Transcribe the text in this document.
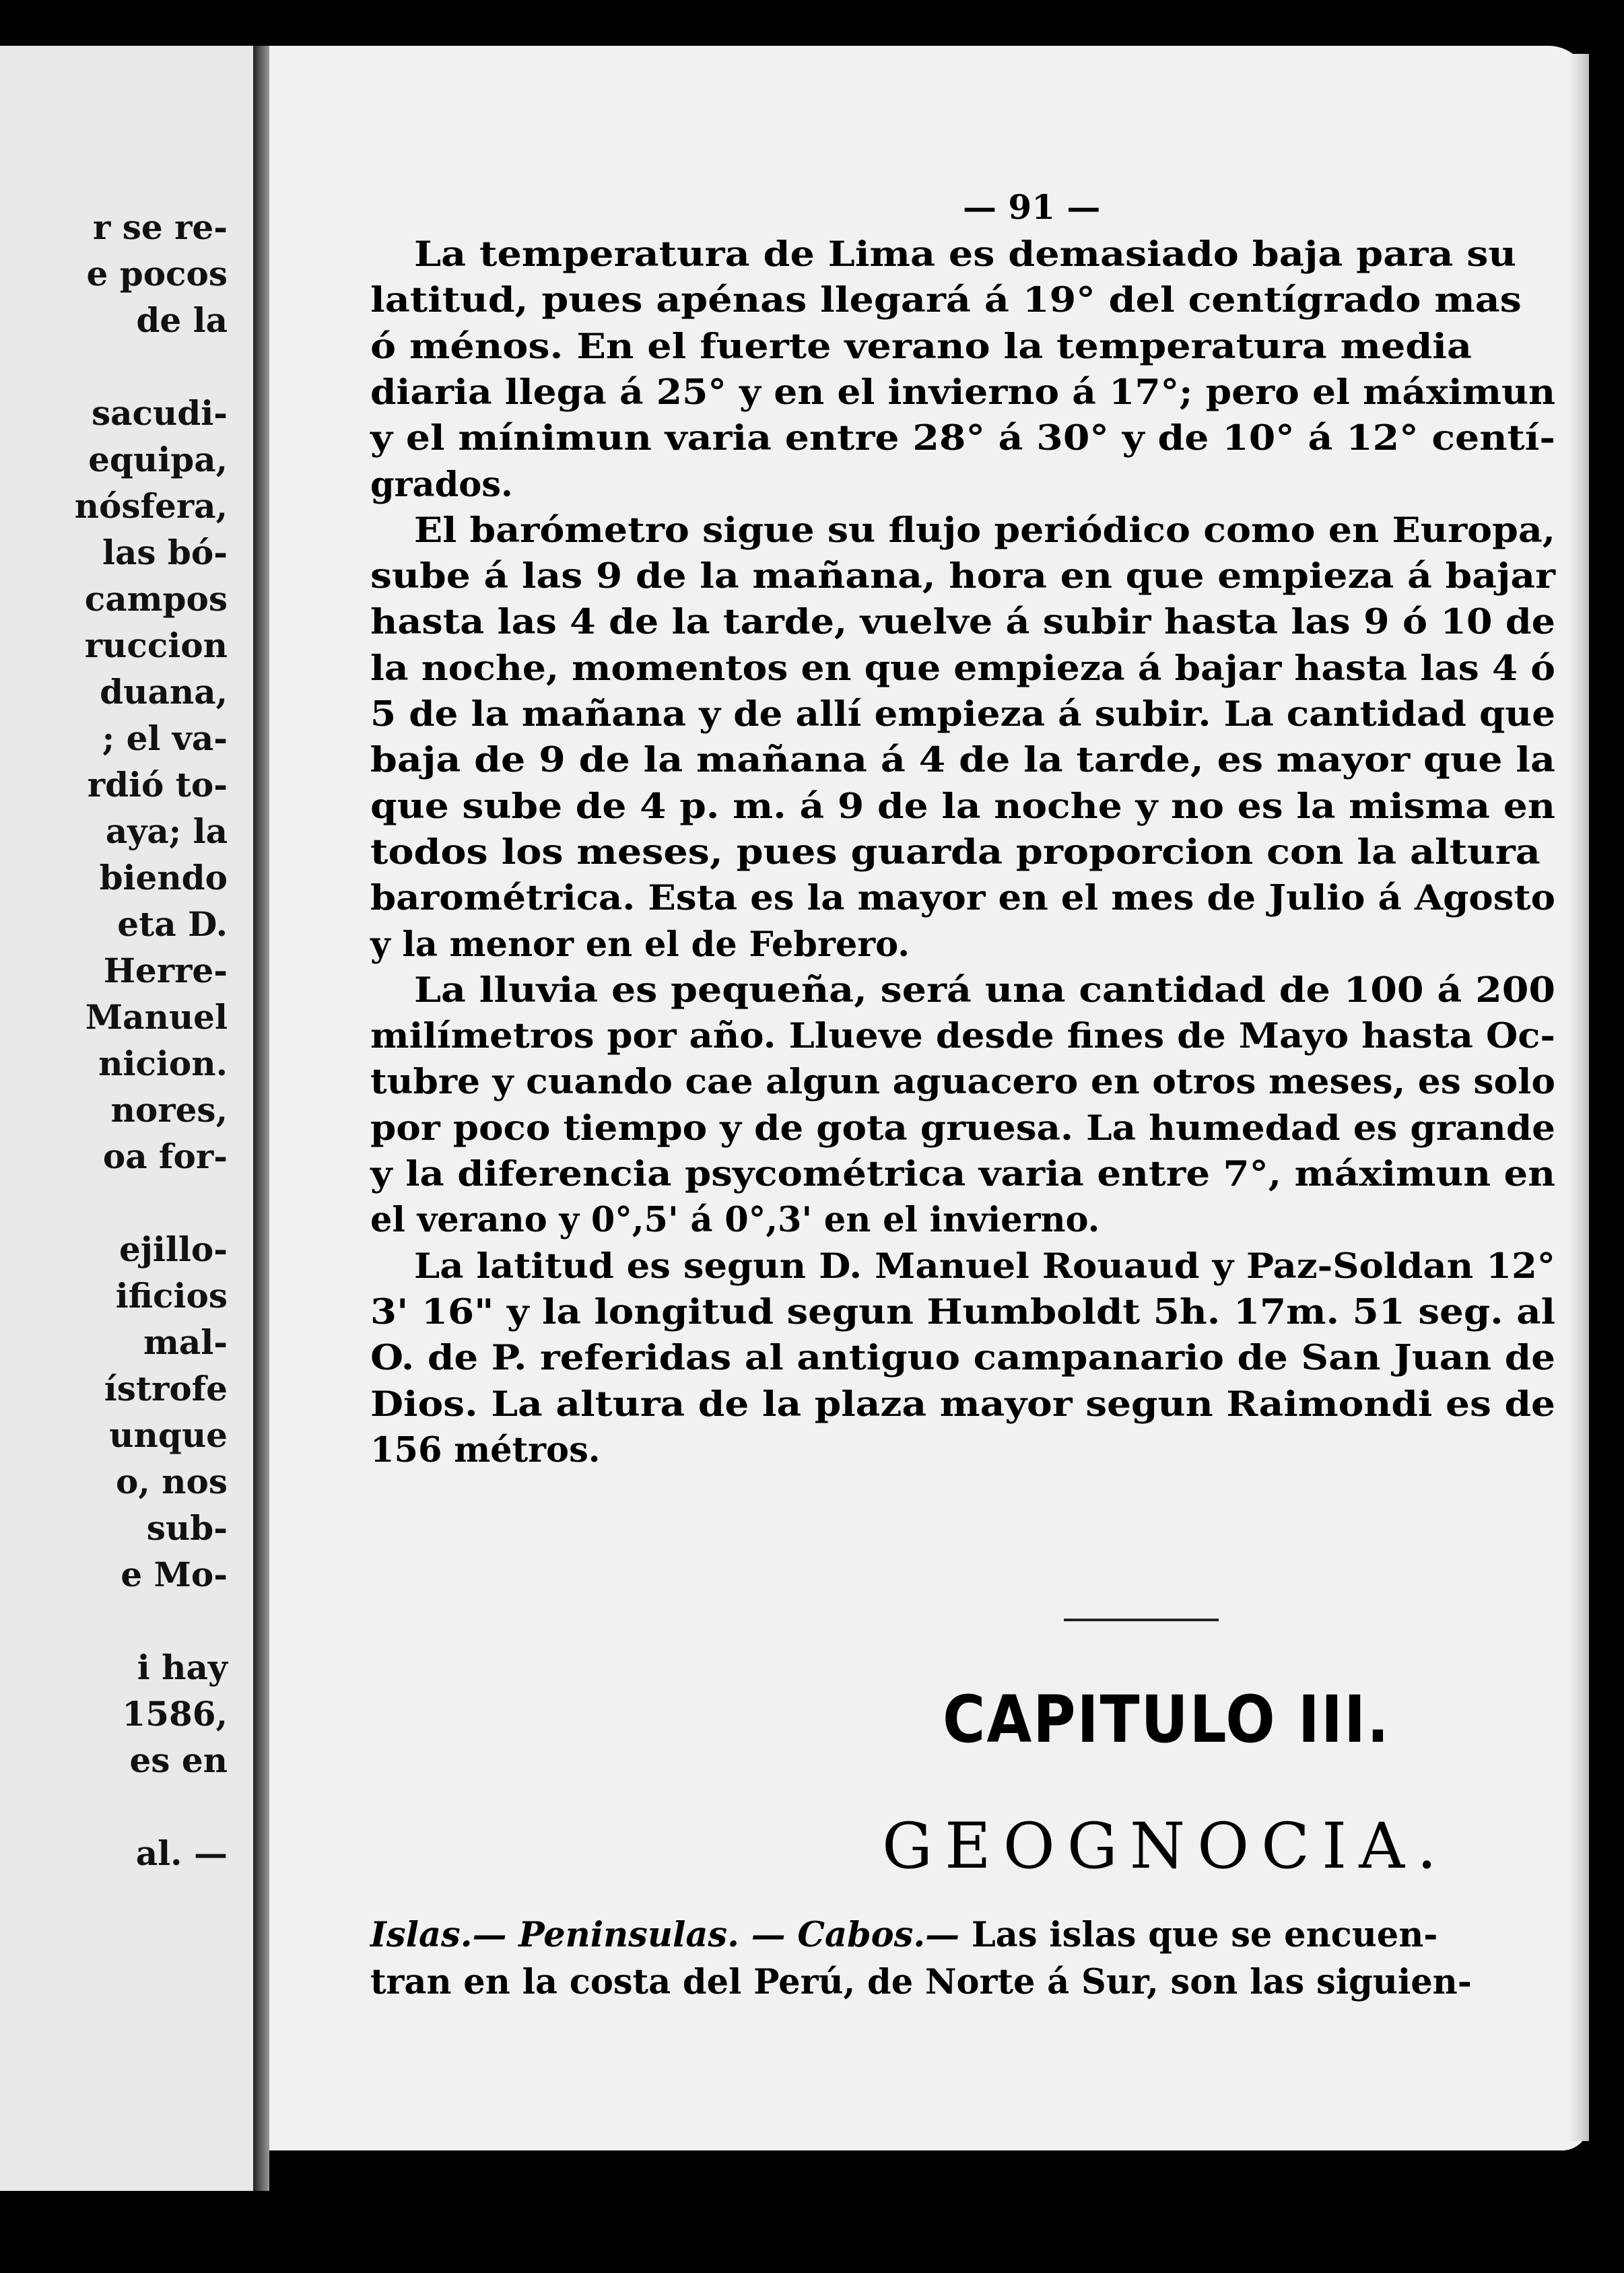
r se re-
e pocos
de la
sacudi-
equipa,
nósfera,
las bó-
campos
ruccion
duana,
; el va-
rdió to-
aya; la
biendo
eta D.
Herre-
Manuel
nicion.
nores,
oa for-
ejillo-
ificios
mal-
ístrofe
unque
o, nos
sub-
e Mo-
i hay
1586,
es en
al. —
— 91 —
La temperatura de Lima es demasiado baja para su
latitud, pues apénas llegará á 19° del centígrado mas
ó ménos. En el fuerte verano la temperatura media
diaria llega á 25° y en el invierno á 17°; pero el máximun
y el mínimun varia entre 28° á 30° y de 10° á 12° centí-
grados.
El barómetro sigue su flujo periódico como en Europa,
sube á las 9 de la mañana, hora en que empieza á bajar
hasta las 4 de la tarde, vuelve á subir hasta las 9 ó 10 de
la noche, momentos en que empieza á bajar hasta las 4 ó
5 de la mañana y de allí empieza á subir. La cantidad que
baja de 9 de la mañana á 4 de la tarde, es mayor que la
que sube de 4 p. m. á 9 de la noche y no es la misma en
todos los meses, pues guarda proporcion con la altura
barométrica. Esta es la mayor en el mes de Julio á Agosto
y la menor en el de Febrero.
La lluvia es pequeña, será una cantidad de 100 á 200
milímetros por año. Llueve desde fines de Mayo hasta Oc-
tubre y cuando cae algun aguacero en otros meses, es solo
por poco tiempo y de gota gruesa. La humedad es grande
y la diferencia psycométrica varia entre 7°, máximun en
el verano y 0°,5' á 0°,3' en el invierno.
La latitud es segun D. Manuel Rouaud y Paz-Soldan 12°
3' 16" y la longitud segun Humboldt 5h. 17m. 51 seg. al
O. de P. referidas al antiguo campanario de San Juan de
Dios. La altura de la plaza mayor segun Raimondi es de
156 métros.
CAPITULO III.
GEOGNOCIA.
Islas.— Peninsulas. — Cabos.— Las islas que se encuen-
tran en la costa del Perú, de Norte á Sur, son las siguien-
